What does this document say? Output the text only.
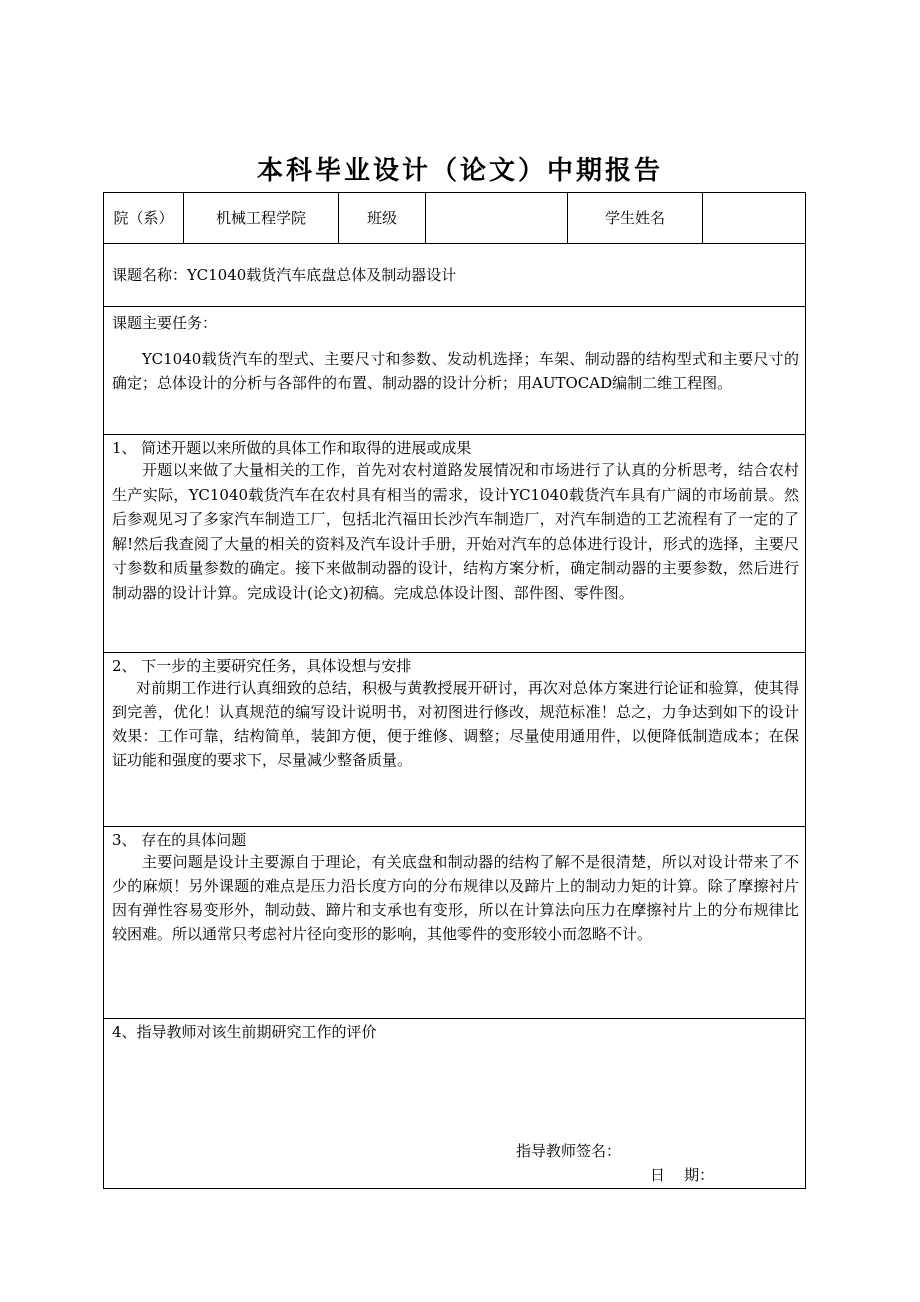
本科毕业设计（论文）中期报告
院（系）	机械工程学院	班级		学生姓名	
课题名称：YC1040载货汽车底盘总体及制动器设计

课题主要任务：

YC1040载货汽车的型式、主要尺寸和参数、发动机选择；车架、制动器的结构型式和主要尺寸的确定；总体设计的分析与各部件的布置、制动器的设计分析；用AUTOCAD编制二维工程图。

1、 简述开题以来所做的具体工作和取得的进展或成果

开题以来做了大量相关的工作，首先对农村道路发展情况和市场进行了认真的分析思考，结合农村生产实际，YC1040载货汽车在农村具有相当的需求，设计YC1040载货汽车具有广阔的市场前景。然后参观见习了多家汽车制造工厂，包括北汽福田长沙汽车制造厂，对汽车制造的工艺流程有了一定的了解!然后我查阅了大量的相关的资料及汽车设计手册，开始对汽车的总体进行设计，形式的选择，主要尺寸参数和质量参数的确定。接下来做制动器的设计，结构方案分析，确定制动器的主要参数，然后进行制动器的设计计算。完成设计(论文)初稿。完成总体设计图、部件图、零件图。

2、 下一步的主要研究任务，具体设想与安排

对前期工作进行认真细致的总结，积极与黄教授展开研讨，再次对总体方案进行论证和验算，使其得到完善，优化！认真规范的编写设计说明书，对初图进行修改，规范标准！总之，力争达到如下的设计效果：工作可靠，结构简单，装卸方便，便于维修、调整；尽量使用通用件，以便降低制造成本；在保证功能和强度的要求下，尽量减少整备质量。

3、 存在的具体问题

主要问题是设计主要源自于理论，有关底盘和制动器的结构了解不是很清楚，所以对设计带来了不少的麻烦！另外课题的难点是压力沿长度方向的分布规律以及蹄片上的制动力矩的计算。除了摩擦衬片因有弹性容易变形外，制动鼓、蹄片和支承也有变形，所以在计算法向压力在摩擦衬片上的分布规律比较困难。所以通常只考虑衬片径向变形的影响，其他零件的变形较小而忽略不计。

4、指导教师对该生前期研究工作的评价

指导教师签名：
日    期：
